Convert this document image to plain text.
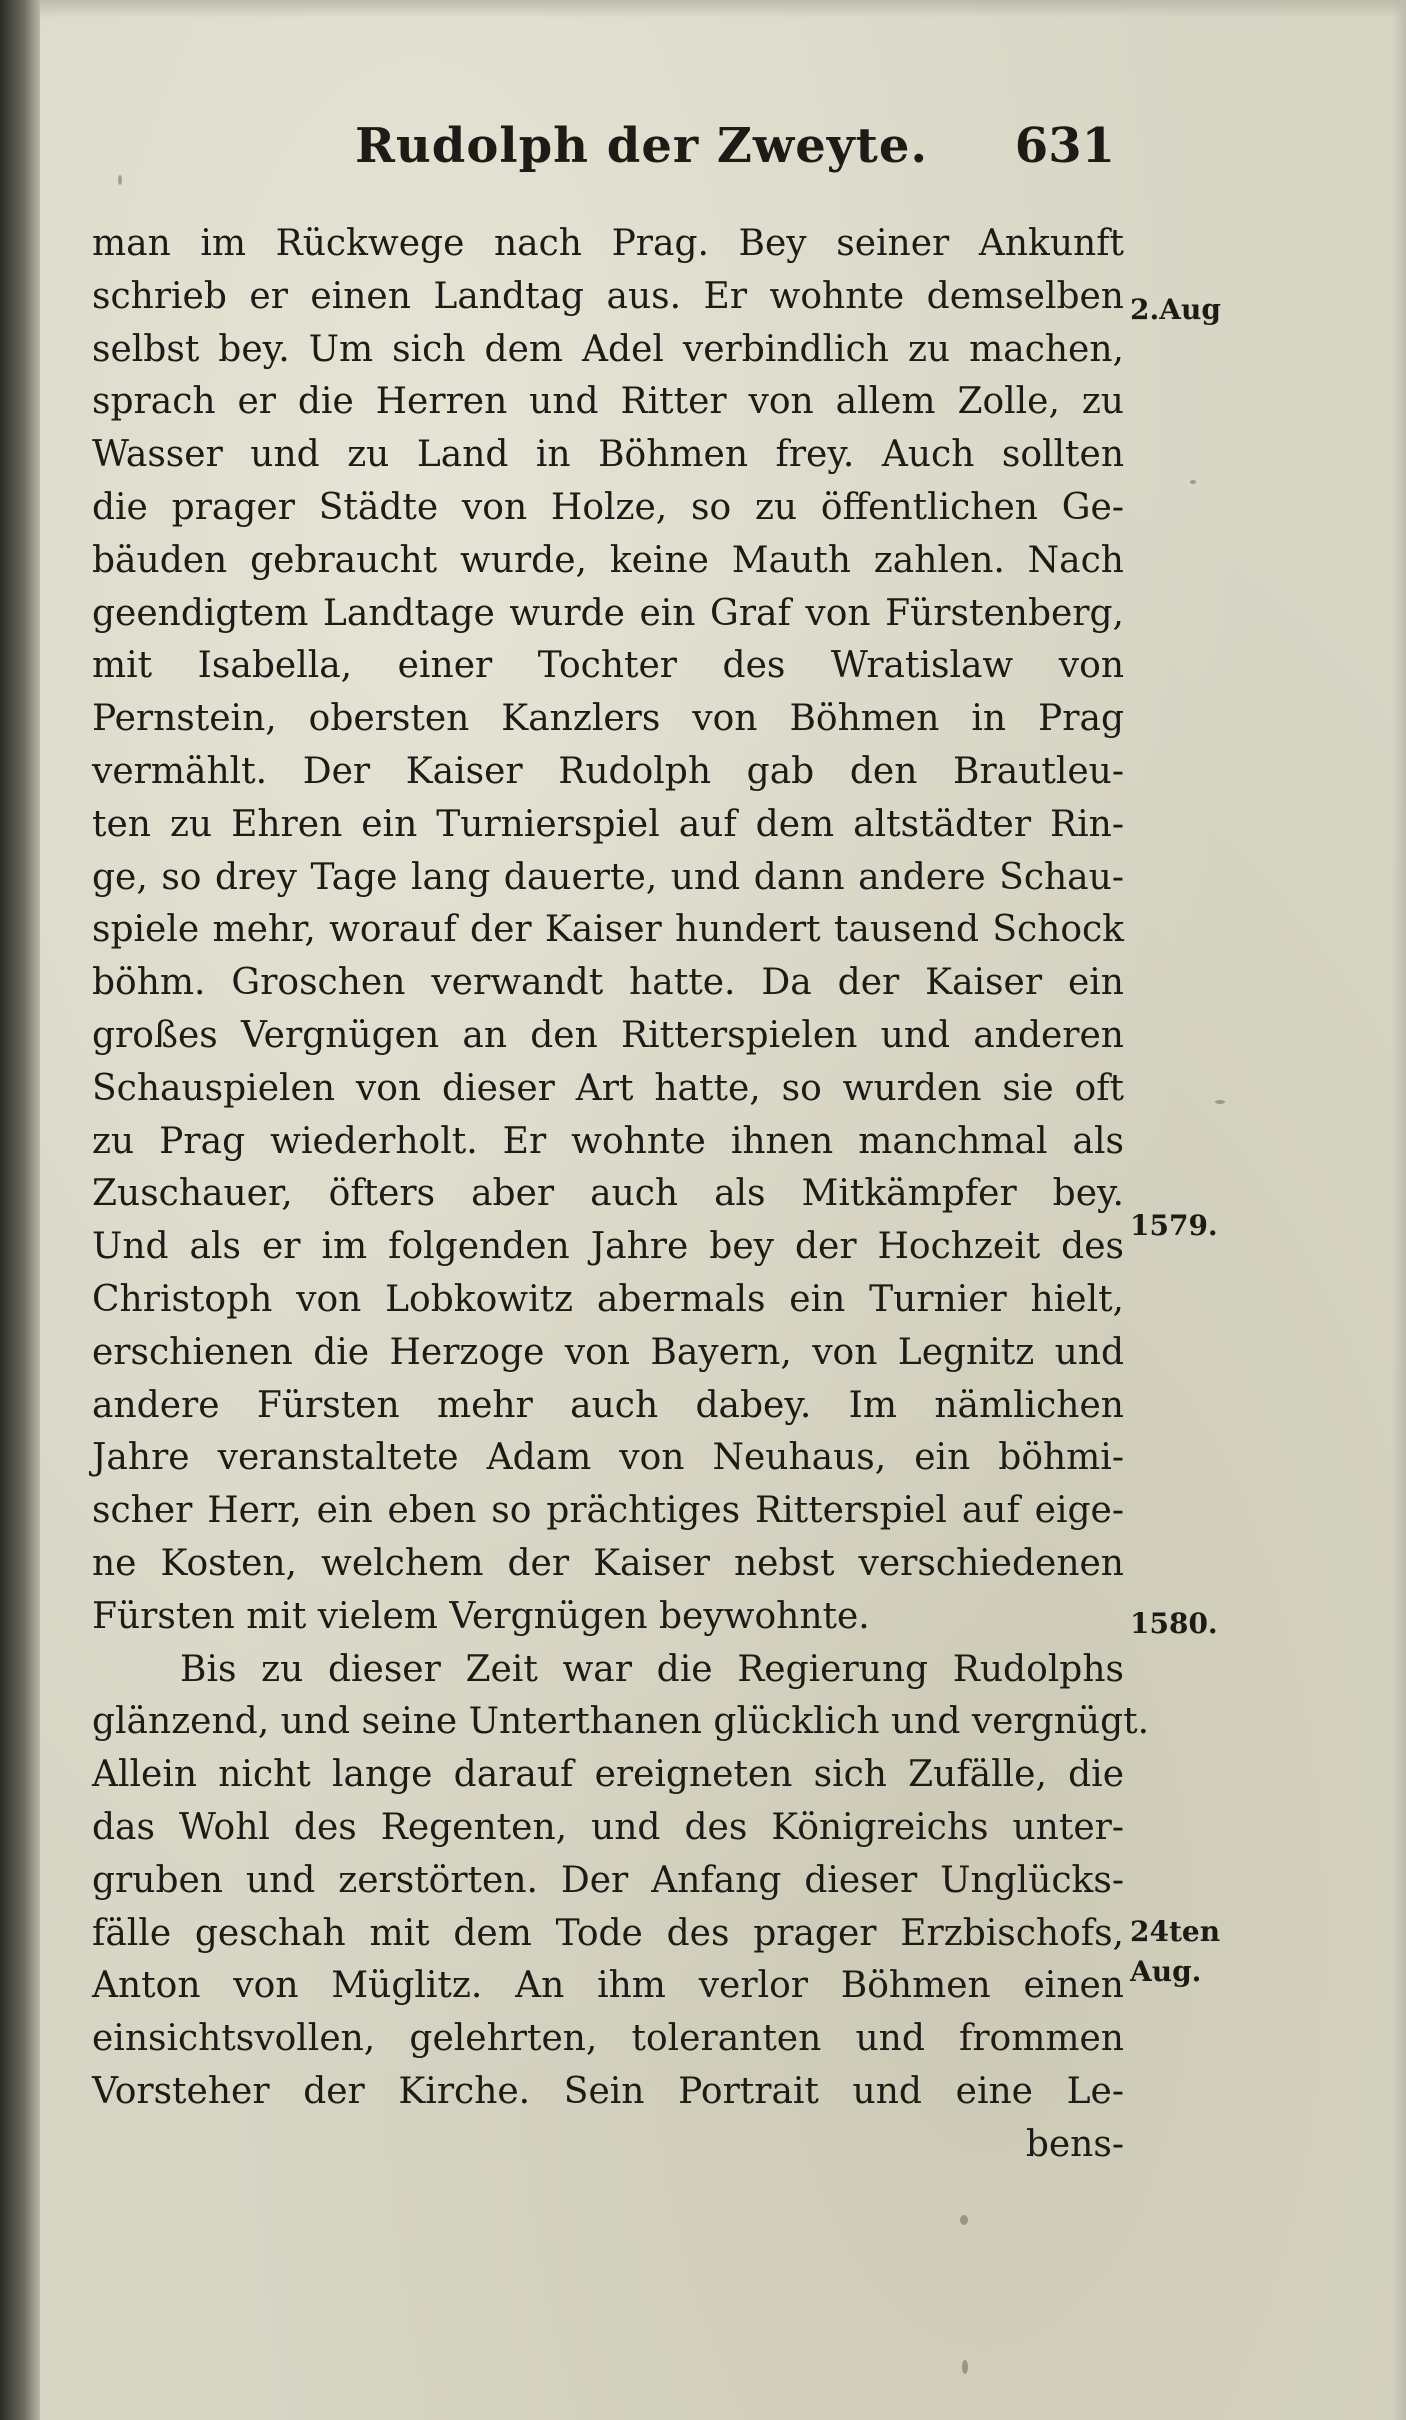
Rudolph der Zweyte. 631
man im Rückwege nach Prag. Bey seiner Ankunft
schrieb er einen Landtag aus. Er wohnte demselben
selbst bey. Um sich dem Adel verbindlich zu machen,
sprach er die Herren und Ritter von allem Zolle, zu
Wasser und zu Land in Böhmen frey. Auch sollten
die prager Städte von Holze, so zu öffentlichen Ge-
bäuden gebraucht wurde, keine Mauth zahlen. Nach
geendigtem Landtage wurde ein Graf von Fürstenberg,
mit Isabella, einer Tochter des Wratislaw von
Pernstein, obersten Kanzlers von Böhmen in Prag
vermählt. Der Kaiser Rudolph gab den Brautleu-
ten zu Ehren ein Turnierspiel auf dem altstädter Rin-
ge, so drey Tage lang dauerte, und dann andere Schau-
spiele mehr, worauf der Kaiser hundert tausend Schock
böhm. Groschen verwandt hatte. Da der Kaiser ein
großes Vergnügen an den Ritterspielen und anderen
Schauspielen von dieser Art hatte, so wurden sie oft
zu Prag wiederholt. Er wohnte ihnen manchmal als
Zuschauer, öfters aber auch als Mitkämpfer bey.
Und als er im folgenden Jahre bey der Hochzeit des
Christoph von Lobkowitz abermals ein Turnier hielt,
erschienen die Herzoge von Bayern, von Legnitz und
andere Fürsten mehr auch dabey. Im nämlichen
Jahre veranstaltete Adam von Neuhaus, ein böhmi-
scher Herr, ein eben so prächtiges Ritterspiel auf eige-
ne Kosten, welchem der Kaiser nebst verschiedenen
Fürsten mit vielem Vergnügen beywohnte.
Bis zu dieser Zeit war die Regierung Rudolphs
glänzend, und seine Unterthanen glücklich und vergnügt.
Allein nicht lange darauf ereigneten sich Zufälle, die
das Wohl des Regenten, und des Königreichs unter-
gruben und zerstörten. Der Anfang dieser Unglücks-
fälle geschah mit dem Tode des prager Erzbischofs,
Anton von Müglitz. An ihm verlor Böhmen einen
einsichtsvollen, gelehrten, toleranten und frommen
Vorsteher der Kirche. Sein Portrait und eine Le-
bens-
2.Aug
1579.
1580.
24ten
Aug.
